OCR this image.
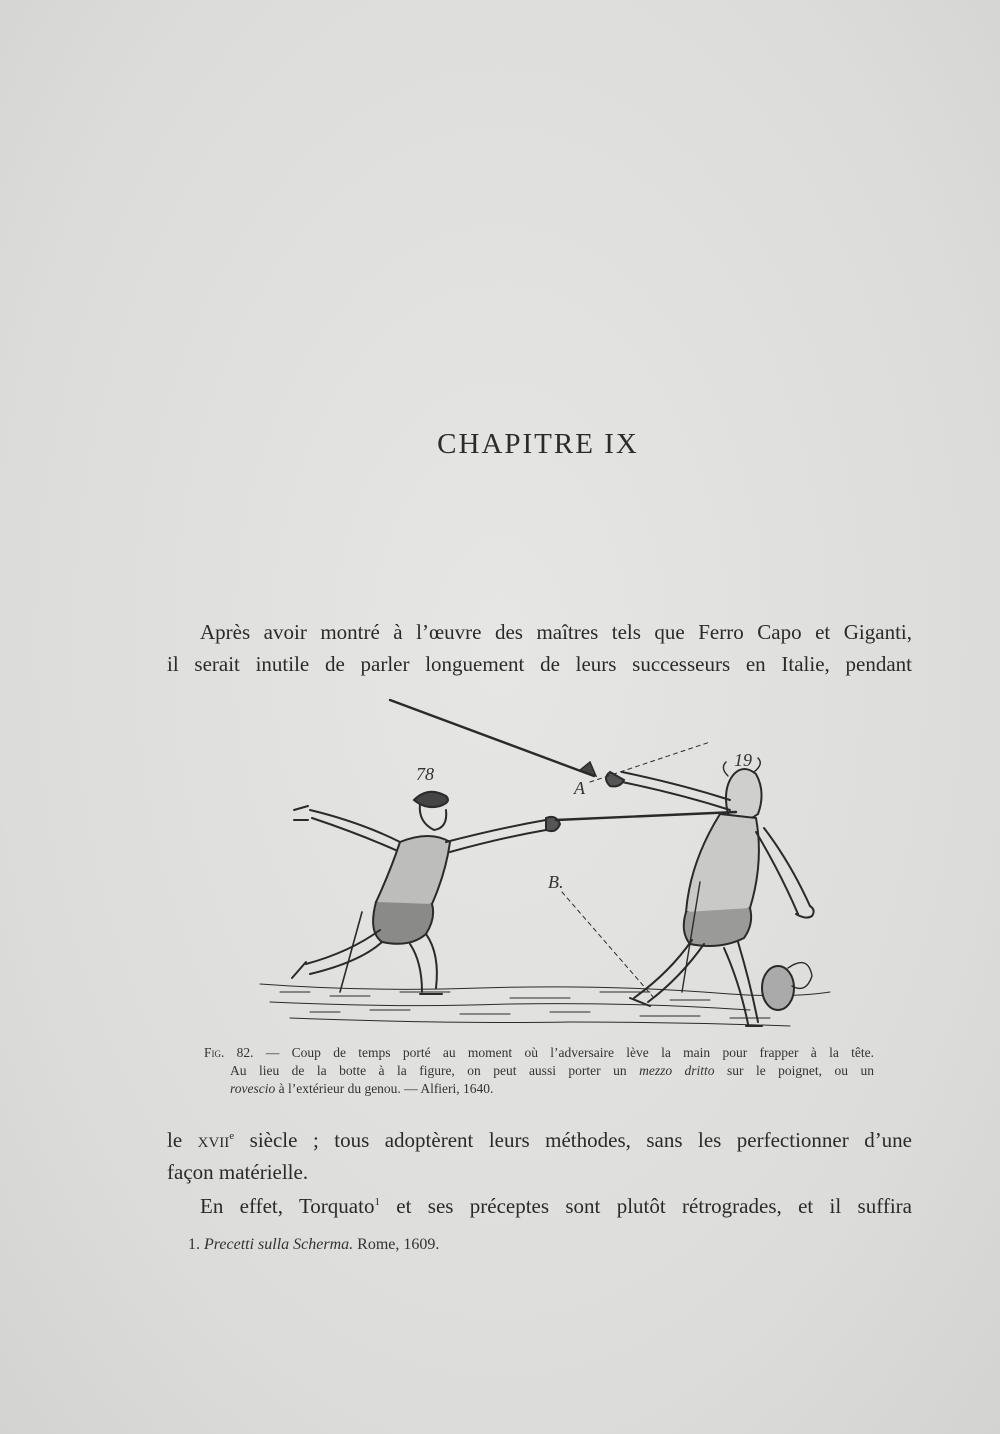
CHAPITRE IX
Après avoir montré à l’œuvre des maîtres tels que Ferro Capo et Giganti,
il serait inutile de parler longuement de leurs successeurs en Italie, pendant
78
19
A
B.
Fig. 82. — Coup de temps porté au moment où l’adversaire lève la main pour frapper à la tête.
Au lieu de la botte à la figure, on peut aussi porter un mezzo dritto sur le poignet, ou un
rovescio à l’extérieur du genou. — Alfieri, 1640.
le xvii$^e$ siècle ; tous adoptèrent leurs méthodes, sans les perfectionner d’une
façon matérielle.
En effet, Torquato$^1$ et ses préceptes sont plutôt rétrogrades, et il suffira
1. Precetti sulla Scherma. Rome, 1609.
